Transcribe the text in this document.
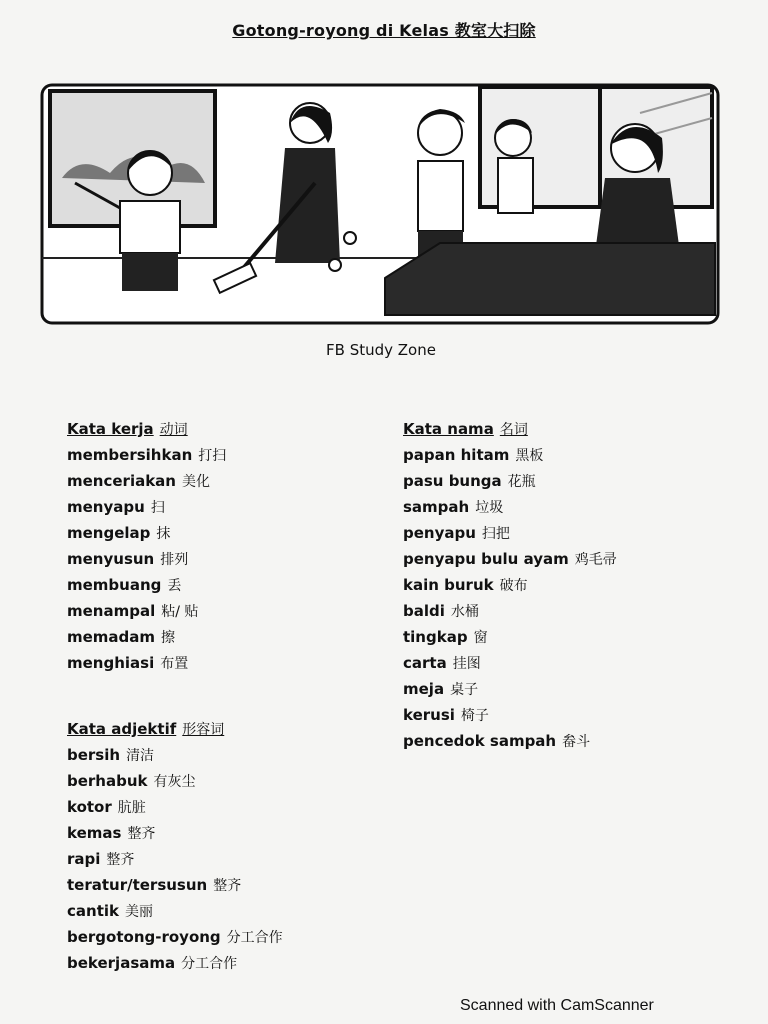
Gotong-royong di Kelas 教室大扫除
FB Study Zone
Kata kerja 动词
membersihkan 打扫
menceriakan 美化
menyapu 扫
mengelap 抹
menyusun 排列
membuang 丢
menampal 粘/ 贴
memadam 擦
menghiasi 布置
Kata nama 名词
papan hitam 黑板
pasu bunga 花瓶
sampah 垃圾
penyapu 扫把
penyapu bulu ayam 鸡毛帚
kain buruk 破布
baldi 水桶
tingkap 窗
carta 挂图
meja 桌子
kerusi 椅子
pencedok sampah 畚斗
Kata adjektif 形容词
bersih 清洁
berhabuk 有灰尘
kotor 肮脏
kemas 整齐
rapi 整齐
teratur/tersusun 整齐
cantik 美丽
bergotong-royong 分工合作
bekerjasama 分工合作
Scanned with CamScanner
